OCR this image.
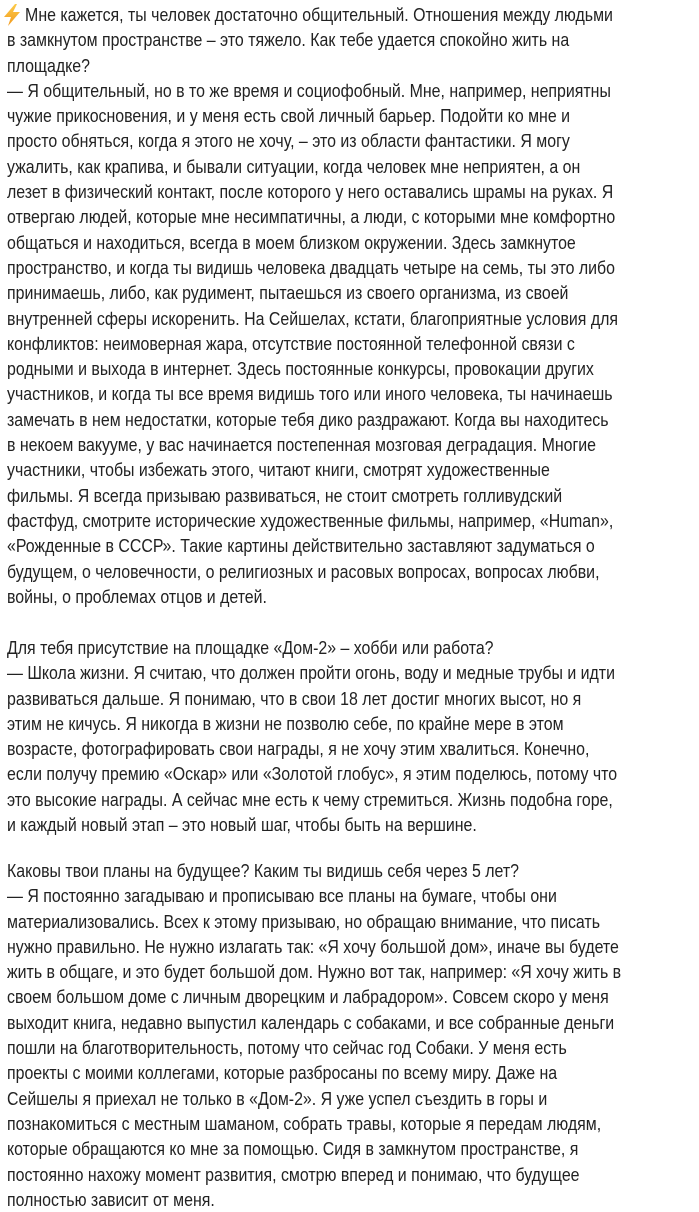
Мне кажется, ты человек достаточно общительный. Отношения между людьми
в замкнутом пространстве – это тяжело. Как тебе удается спокойно жить на
площадке?
— Я общительный, но в то же время и социофобный. Мне, например, неприятны
чужие прикосновения, и у меня есть свой личный барьер. Подойти ко мне и
просто обняться, когда я этого не хочу, – это из области фантастики. Я могу
ужалить, как крапива, и бывали ситуации, когда человек мне неприятен, а он
лезет в физический контакт, после которого у него оставались шрамы на руках. Я
отвергаю людей, которые мне несимпатичны, а люди, с которыми мне комфортно
общаться и находиться, всегда в моем близком окружении. Здесь замкнутое
пространство, и когда ты видишь человека двадцать четыре на семь, ты это либо
принимаешь, либо, как рудимент, пытаешься из своего организма, из своей
внутренней сферы искоренить. На Сейшелах, кстати, благоприятные условия для
конфликтов: неимоверная жара, отсутствие постоянной телефонной связи с
родными и выхода в интернет. Здесь постоянные конкурсы, провокации других
участников, и когда ты все время видишь того или иного человека, ты начинаешь
замечать в нем недостатки, которые тебя дико раздражают. Когда вы находитесь
в некоем вакууме, у вас начинается постепенная мозговая деградация. Многие
участники, чтобы избежать этого, читают книги, смотрят художественные
фильмы. Я всегда призываю развиваться, не стоит смотреть голливудский
фастфуд, смотрите исторические художественные фильмы, например, «Human»,
«Рожденные в СССР». Такие картины действительно заставляют задуматься о
будущем, о человечности, о религиозных и расовых вопросах, вопросах любви,
войны, о проблемах отцов и детей.
Для тебя присутствие на площадке «Дом-2» – хобби или работа?
— Школа жизни. Я считаю, что должен пройти огонь, воду и медные трубы и идти
развиваться дальше. Я понимаю, что в свои 18 лет достиг многих высот, но я
этим не кичусь. Я никогда в жизни не позволю себе, по крайне мере в этом
возрасте, фотографировать свои награды, я не хочу этим хвалиться. Конечно,
если получу премию «Оскар» или «Золотой глобус», я этим поделюсь, потому что
это высокие награды. А сейчас мне есть к чему стремиться. Жизнь подобна горе,
и каждый новый этап – это новый шаг, чтобы быть на вершине.
Каковы твои планы на будущее? Каким ты видишь себя через 5 лет?
— Я постоянно загадываю и прописываю все планы на бумаге, чтобы они
материализовались. Всех к этому призываю, но обращаю внимание, что писать
нужно правильно. Не нужно излагать так: «Я хочу большой дом», иначе вы будете
жить в общаге, и это будет большой дом. Нужно вот так, например: «Я хочу жить в
своем большом доме с личным дворецким и лабрадором». Совсем скоро у меня
выходит книга, недавно выпустил календарь с собаками, и все собранные деньги
пошли на благотворительность, потому что сейчас год Собаки. У меня есть
проекты с моими коллегами, которые разбросаны по всему миру. Даже на
Сейшелы я приехал не только в «Дом-2». Я уже успел съездить в горы и
познакомиться с местным шаманом, собрать травы, которые я передам людям,
которые обращаются ко мне за помощью. Сидя в замкнутом пространстве, я
постоянно нахожу момент развития, смотрю вперед и понимаю, что будущее
полностью зависит от меня.
